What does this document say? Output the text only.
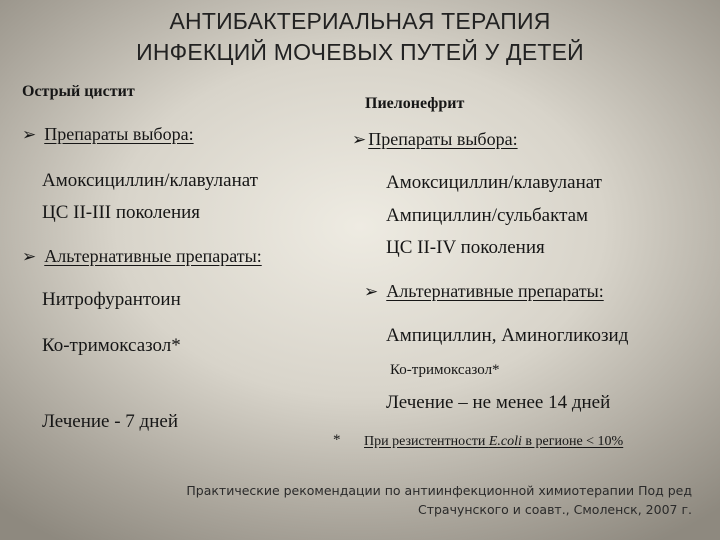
АНТИБАКТЕРИАЛЬНАЯ ТЕРАПИЯ
ИНФЕКЦИЙ МОЧЕВЫХ ПУТЕЙ У ДЕТЕЙ
Острый цистит
➢ Препараты выбора:
Амоксициллин/клавуланат
ЦС II-III поколения
➢ Альтернативные препараты:
Нитрофурантоин
Ко-тримоксазол*
Лечение - 7 дней
Пиелонефрит
➢ Препараты выбора:
Амоксициллин/клавуланат
Ампициллин/сульбактам
ЦС II-IV поколения
➢ Альтернативные препараты:
Ампициллин, Аминогликозид
Ко-тримоксазол*
Лечение – не менее 14 дней
* При резистентности E.coli в регионе < 10%
Практические рекомендации по антиинфекционной химиотерапии Под ред
Страчунского и соавт., Смоленск, 2007 г.
